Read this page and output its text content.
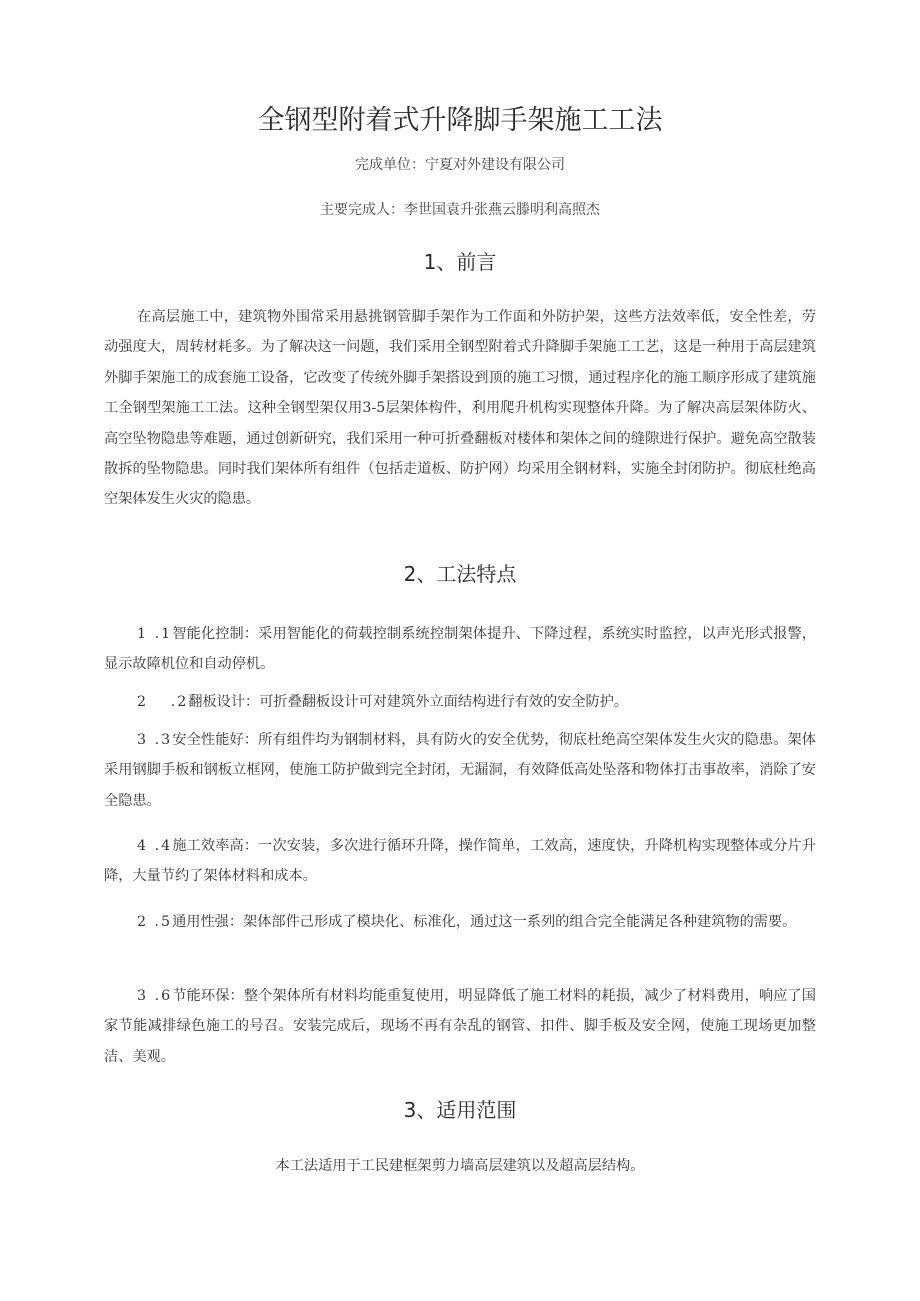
全钢型附着式升降脚手架施工工法
完成单位：宁夏对外建设有限公司
主要完成人：李世国袁升张燕云滕明利高照杰
1、前言

在高层施工中，建筑物外围常采用悬挑钢管脚手架作为工作面和外防护架，这些方法效率低，安全性差，劳动强度大，周转材耗多。为了解决这一问题，我们采用全钢型附着式升降脚手架施工工艺，这是一种用于高层建筑外脚手架施工的成套施工设备，它改变了传统外脚手架搭设到顶的施工习惯，通过程序化的施工顺序形成了建筑施工全钢型架施工工法。这种全钢型架仅用3-5层架体构件，利用爬升机构实现整体升降。为了解决高层架体防火、高空坠物隐患等难题，通过创新研究，我们采用一种可折叠翻板对楼体和架体之间的缝隙进行保护。避免高空散装散拆的坠物隐患。同时我们架体所有组件（包括走道板、防护网）均采用全钢材料，实施全封闭防护。彻底杜绝高空架体发生火灾的隐患。

2、工法特点

1 .1智能化控制：采用智能化的荷载控制系统控制架体提升、下降过程，系统实时监控，以声光形式报警，显示故障机位和自动停机。

2 　.2翻板设计：可折叠翻板设计可对建筑外立面结构进行有效的安全防护。

3 .3安全性能好：所有组件均为钢制材料，具有防火的安全优势，彻底杜绝高空架体发生火灾的隐患。架体采用钢脚手板和钢板立框网，使施工防护做到完全封闭，无漏洞，有效降低高处坠落和物体打击事故率，消除了安全隐患。

4 .4施工效率高：一次安装，多次进行循环升降，操作简单，工效高，速度快，升降机构实现整体或分片升降，大量节约了架体材料和成本。

2 .5通用性强：架体部件己形成了模块化、标准化，通过这一系列的组合完全能满足各种建筑物的需要。

3 .6节能环保：整个架体所有材料均能重复使用，明显降低了施工材料的耗损，减少了材料费用，响应了国家节能减排绿色施工的号召。安装完成后，现场不再有杂乱的钢管、扣件、脚手板及安全网，使施工现场更加整洁、美观。

3、适用范围
本工法适用于工民建框架剪力墙高层建筑以及超高层结构。
